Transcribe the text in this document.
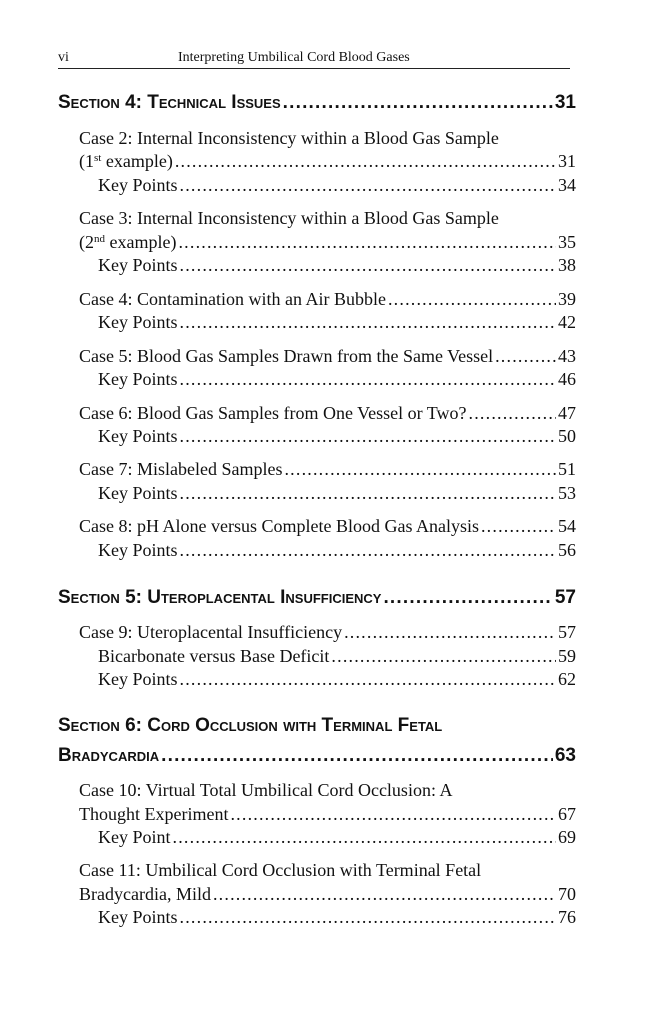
vi	Interpreting Umbilical Cord Blood Gases
Section 4: Technical Issues .....	31
Case 2: Internal Inconsistency within a Blood Gas Sample
(1st example) .....	31
Key Points .....	34
Case 3: Internal Inconsistency within a Blood Gas Sample
(2nd example) .....	35
Key Points .....	38
Case 4: Contamination with an Air Bubble .....	39
Key Points .....	42
Case 5: Blood Gas Samples Drawn from the Same Vessel .....	43
Key Points .....	46
Case 6: Blood Gas Samples from One Vessel or Two? .....	47
Key Points .....	50
Case 7: Mislabeled Samples .....	51
Key Points .....	53
Case 8: pH Alone versus Complete Blood Gas Analysis .....	54
Key Points .....	56
Section 5: Uteroplacental Insufficiency .....	57
Case 9: Uteroplacental Insufficiency .....	57
Bicarbonate versus Base Deficit .....	59
Key Points .....	62
Section 6: Cord Occlusion with Terminal Fetal
Bradycardia .....	63
Case 10: Virtual Total Umbilical Cord Occlusion: A
Thought Experiment .....	67
Key Point .....	69
Case 11: Umbilical Cord Occlusion with Terminal Fetal
Bradycardia, Mild .....	70
Key Points .....	76
